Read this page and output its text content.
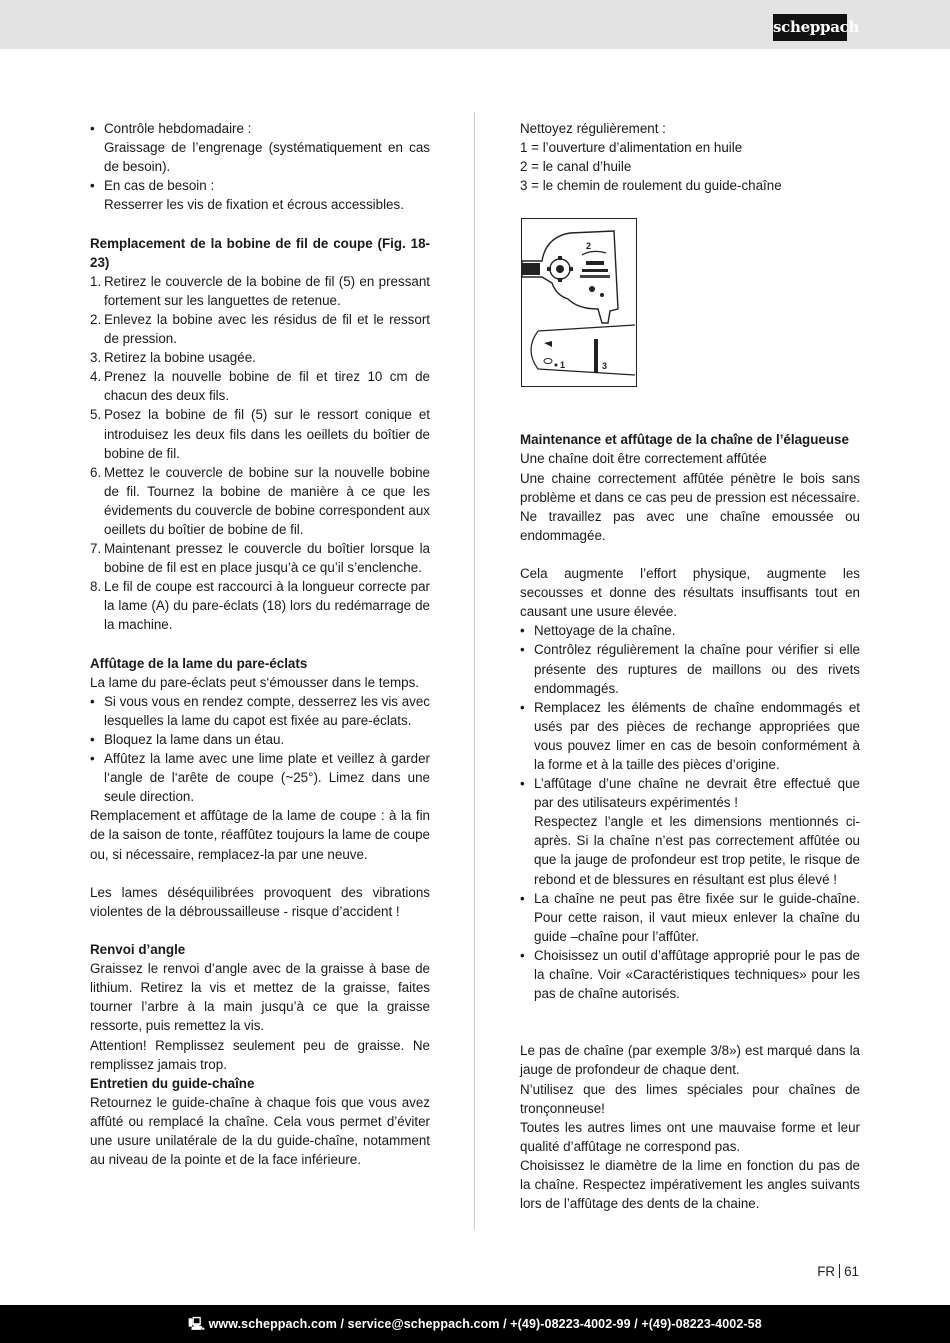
scheppach

• Contrôle hebdomadaire :

Graissage de l’engrenage (systématiquement en cas de besoin).

• En cas de besoin :

Resserrer les vis de fixation et écrous accessibles.

Remplacement de la bobine de fil de coupe (Fig. 18-23)

1. Retirez le couvercle de la bobine de fil (5) en pressant fortement sur les languettes de retenue.
2. Enlevez la bobine avec les résidus de fil et le ressort de pression.
3. Retirez la bobine usagée.
4. Prenez la nouvelle bobine de fil et tirez 10 cm de chacun des deux fils.
5. Posez la bobine de fil (5) sur le ressort conique et introduisez les deux fils dans les oeillets du boîtier de bobine de fil.
6. Mettez le couvercle de bobine sur la nouvelle bobine de fil. Tournez la bobine de manière à ce que les évidements du couvercle de bobine correspondent aux oeillets du boîtier de bobine de fil.
7. Maintenant pressez le couvercle du boîtier lorsque la bobine de fil est en place jusqu’à ce qu’il s’enclenche.
8. Le fil de coupe est raccourci à la longueur correcte par la lame (A) du pare-éclats (18) lors du redémarrage de la machine.

Affûtage de la lame du pare-éclats

La lame du pare-éclats peut s‘émousser dans le temps.

• Si vous vous en rendez compte, desserrez les vis avec lesquelles la lame du capot est fixée au pare-éclats.
• Bloquez la lame dans un étau.
• Affûtez la lame avec une lime plate et veillez à garder l‘angle de l‘arête de coupe (~25°). Limez dans une seule direction.

Remplacement et affûtage de la lame de coupe : à la fin de la saison de tonte, réaffûtez toujours la lame de coupe ou, si nécessaire, remplacez-la par une neuve.

Les lames déséquilibrées provoquent des vibrations violentes de la débroussailleuse - risque d’accident !

Renvoi d’angle

Graissez le renvoi d’angle avec de la graisse à base de lithium. Retirez la vis et mettez de la graisse, faites tourner l’arbre à la main jusqu’à ce que la graisse ressorte, puis remettez la vis.

Attention! Remplissez seulement peu de graisse. Ne remplissez jamais trop.

Entretien du guide-chaîne

Retournez le guide-chaîne à chaque fois que vous avez affûté ou remplacé la chaîne. Cela vous permet d’éviter une usure unilatérale de la du guide-chaîne, notamment au niveau de la pointe et de la face inférieure.

Nettoyez régulièrement :

1 = l’ouverture d’alimentation en huile

2 = le canal d’huile

3 = le chemin de roulement du guide-chaîne

Maintenance et affûtage de la chaîne de l’élagueuse

Une chaîne doit être correctement affûtée

Une chaine correctement affûtée pénètre le bois sans problème et dans ce cas peu de pression est nécessaire. Ne travaillez pas avec une chaîne emoussée ou endommagée.

Cela augmente l’effort physique, augmente les secousses et donne des résultats insuffisants tout en causant une usure élevée.

• Nettoyage de la chaîne.
• Contrôlez régulièrement la chaîne pour vérifier si elle présente des ruptures de maillons ou des rivets endommagés.
• Remplacez les éléments de chaîne endommagés et usés par des pièces de rechange appropriées que vous pouvez limer en cas de besoin conformément à la forme et à la taille des pièces d’origine.
• L’affûtage d’une chaîne ne devrait être effectué que par des utilisateurs expérimentés !

Respectez l’angle et les dimensions mentionnés ci-après. Si la chaîne n’est pas correctement affûtée ou que la jauge de profondeur est trop petite, le risque de rebond et de blessures en résultant est plus élevé !

• La chaîne ne peut pas être fixée sur le guide-chaîne. Pour cette raison, il vaut mieux enlever la chaîne du guide –chaîne pour l’affûter.
• Choisissez un outil d’affûtage approprié pour le pas de la chaîne. Voir «Caractéristiques techniques» pour les pas de chaîne autorisés.

Le pas de chaîne (par exemple 3/8») est marqué dans la jauge de profondeur de chaque dent.

N’utilisez que des limes spéciales pour chaînes de tronçonneuse!

Toutes les autres limes ont une mauvaise forme et leur qualité d’affûtage ne correspond pas.

Choisissez le diamètre de la lime en fonction du pas de la chaîne. Respectez impérativement les angles suivants lors de l’affûtage des dents de la chaine.

2
1	3
FR 61
🖳 www.scheppach.com / service@scheppach.com / +(49)-08223-4002-99 / +(49)-08223-4002-58
